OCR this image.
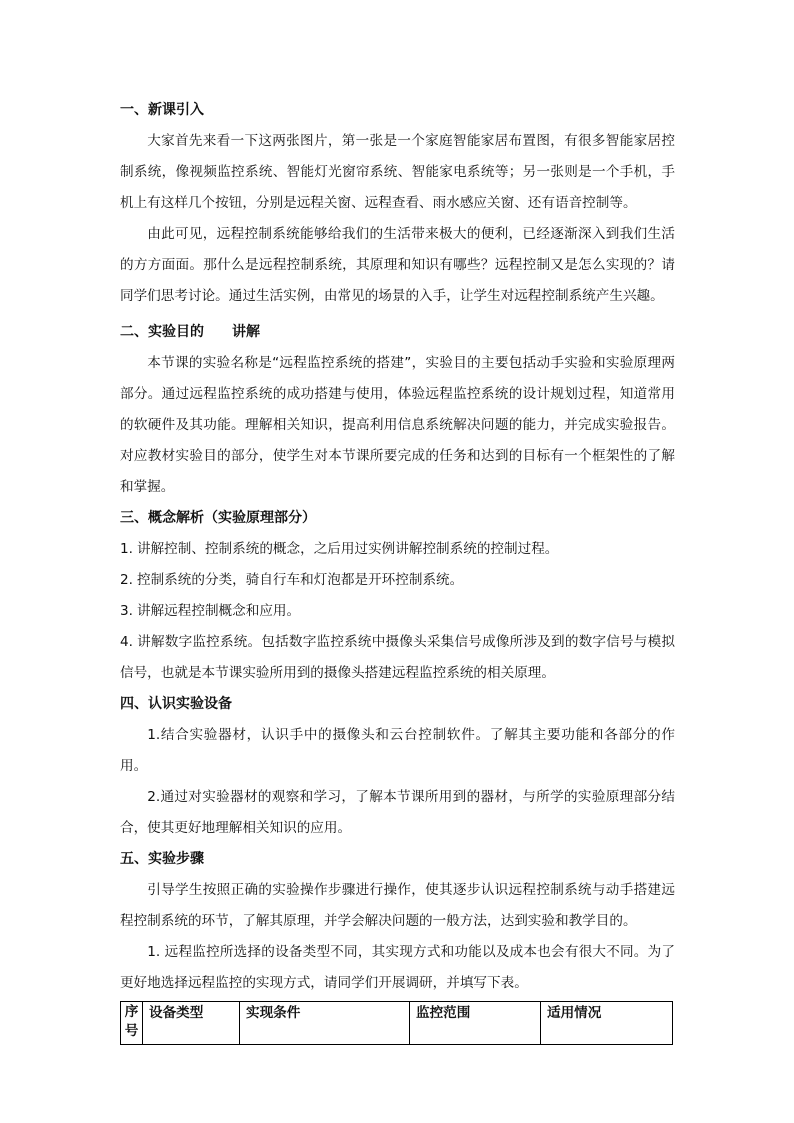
一、新课引入

大家首先来看一下这两张图片，第一张是一个家庭智能家居布置图，有很多智能家居控制系统，像视频监控系统、智能灯光窗帘系统、智能家电系统等；另一张则是一个手机，手机上有这样几个按钮，分别是远程关窗、远程查看、雨水感应关窗、还有语音控制等。

由此可见，远程控制系统能够给我们的生活带来极大的便利，已经逐渐深入到我们生活的方方面面。那什么是远程控制系统，其原理和知识有哪些？远程控制又是怎么实现的？请同学们思考讨论。通过生活实例，由常见的场景的入手，让学生对远程控制系统产生兴趣。

二、实验目的　　讲解

本节课的实验名称是“远程监控系统的搭建”，实验目的主要包括动手实验和实验原理两部分。通过远程监控系统的成功搭建与使用，体验远程监控系统的设计规划过程，知道常用的软硬件及其功能。理解相关知识，提高利用信息系统解决问题的能力，并完成实验报告。对应教材实验目的部分，使学生对本节课所要完成的任务和达到的目标有一个框架性的了解和掌握。

三、概念解析（实验原理部分）

1. 讲解控制、控制系统的概念，之后用过实例讲解控制系统的控制过程。

2. 控制系统的分类，骑自行车和灯泡都是开环控制系统。

3. 讲解远程控制概念和应用。

4. 讲解数字监控系统。包括数字监控系统中摄像头采集信号成像所涉及到的数字信号与模拟信号，也就是本节课实验所用到的摄像头搭建远程监控系统的相关原理。

四、认识实验设备

1.结合实验器材，认识手中的摄像头和云台控制软件。了解其主要功能和各部分的作用。

2.通过对实验器材的观察和学习，了解本节课所用到的器材，与所学的实验原理部分结合，使其更好地理解相关知识的应用。

五、实验步骤

引导学生按照正确的实验操作步骤进行操作，使其逐步认识远程控制系统与动手搭建远程控制系统的环节，了解其原理，并学会解决问题的一般方法，达到实验和教学目的。

1. 远程监控所选择的设备类型不同，其实现方式和功能以及成本也会有很大不同。为了更好地选择远程监控的实现方式，请同学们开展调研，并填写下表。

序号	设备类型	实现条件	监控范围	适用情况
